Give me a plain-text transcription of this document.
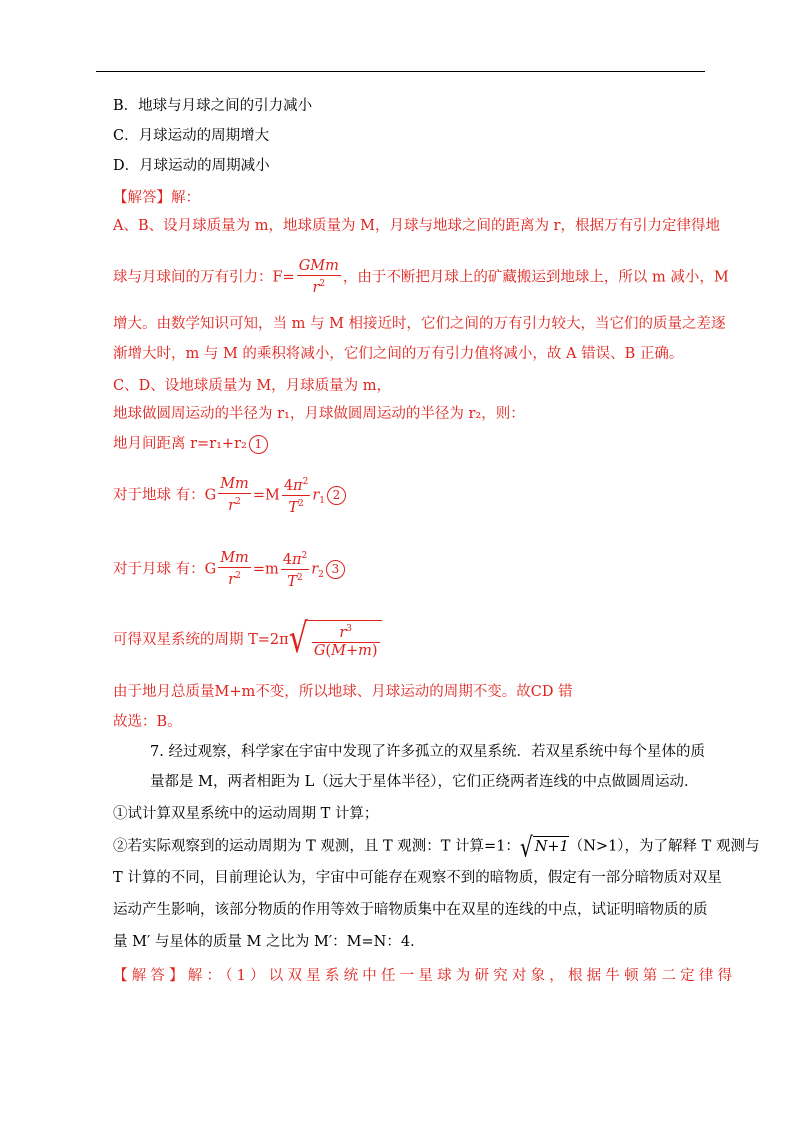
B．地球与月球之间的引力减小
C．月球运动的周期增大
D．月球运动的周期减小
【解答】解：
A、B、设月球质量为 m，地球质量为 M，月球与地球之间的距离为 r，根据万有引力定律得地
球与月球间的万有引力：$F= \frac{\text{GMm}}{r^2}$ ，由于不断把月球上的矿藏搬运到地球上，所以 m 减小，M
增大。由数学知识可知，当 m 与 M 相接近时，它们之间的万有引力较大，当它们的质量之差逐
渐增大时，m 与 M 的乘积将减小，它们之间的万有引力值将减小，故 A 错误、B 正确。
C、D、设地球质量为 M，月球质量为 m，
地球做圆周运动的半径为 r₁，月球做圆周运动的半径为 r₂，则：
地月间距离 r=r₁+r₂ 1
对于地球 有：G $\frac{Mm}{r^2} =M \frac{4\pi^2}{T^2} r_1$ 2
对于月球 有：G $\frac{Mm}{r^2} =m \frac{4\pi^2}{T^2} r_2$ 3
可得双星系统的周期 $T=2\pi√ \frac{r^3}{G(M+m)}$
由于地月总质量M+m不变，所以地球、月球运动的周期不变。故CD 错
故选：B。
7. 经过观察，科学家在宇宙中发现了许多孤立的双星系统．若双星系统中每个星体的质
量都是 M，两者相距为 L（远大于星体半径），它们正绕两者连线的中点做圆周运动．
①试计算双星系统中的运动周期 T 计算；
②若实际观察到的运动周期为 T 观测，且 T 观测：T 计算=1：√ N+1（N>1），为了解释 T 观测与
T 计算的不同，目前理论认为，宇宙中可能存在观察不到的暗物质，假定有一部分暗物质对双星
运动产生影响，该部分物质的作用等效于暗物质集中在双星的连线的中点，试证明暗物质的质
量 M′ 与星体的质量 M 之比为 M′：M=N：4．
【解答】解：（1）以双星系统中任一星球为研究对象，根据牛顿第二定律得
